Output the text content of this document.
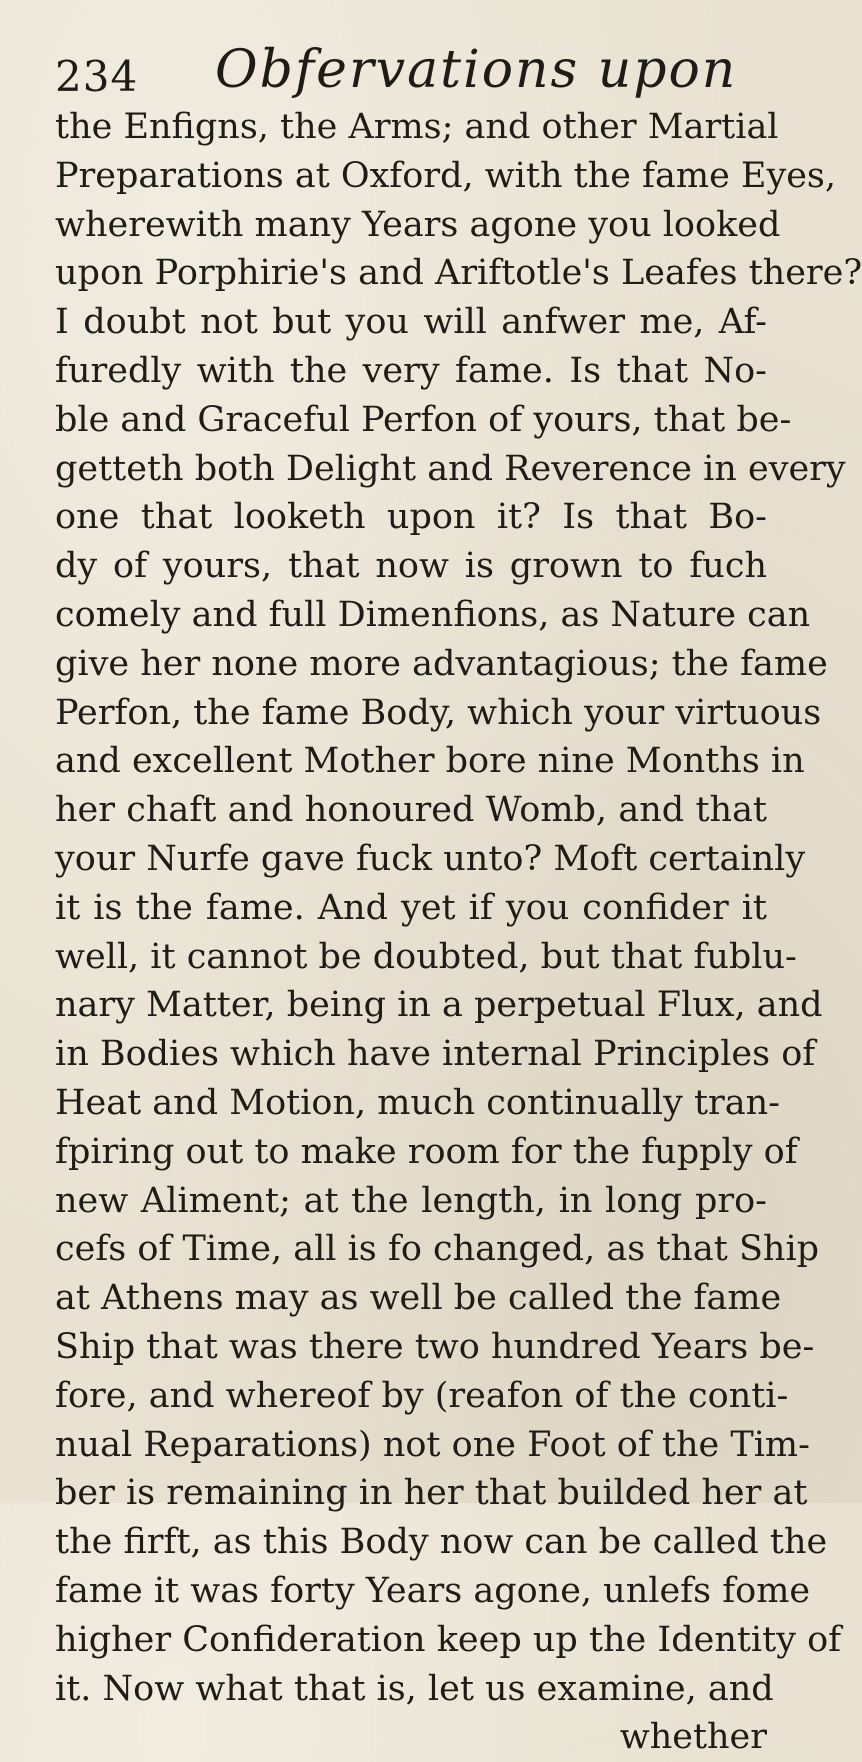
234 Obfervations upon
the Enfigns, the Arms; and other Martial
Preparations at Oxford, with the fame Eyes,
wherewith many Years agone you looked
upon Porphirie's and Ariftotle's Leafes there?
I doubt not but you will anfwer me, Af-
furedly with the very fame. Is that No-
ble and Graceful Perfon of yours, that be-
getteth both Delight and Reverence in every
one that looketh upon it? Is that Bo-
dy of yours, that now is grown to fuch
comely and full Dimenfions, as Nature can
give her none more advantagious; the fame
Perfon, the fame Body, which your virtuous
and excellent Mother bore nine Months in
her chaft and honoured Womb, and that
your Nurfe gave fuck unto? Moft certainly
it is the fame. And yet if you confider it
well, it cannot be doubted, but that fublu-
nary Matter, being in a perpetual Flux, and
in Bodies which have internal Principles of
Heat and Motion, much continually tran-
fpiring out to make room for the fupply of
new Aliment; at the length, in long pro-
cefs of Time, all is fo changed, as that Ship
at Athens may as well be called the fame
Ship that was there two hundred Years be-
fore, and whereof by (reafon of the conti-
nual Reparations) not one Foot of the Tim-
ber is remaining in her that builded her at
the firft, as this Body now can be called the
fame it was forty Years agone, unlefs fome
higher Confideration keep up the Identity of
it. Now what that is, let us examine, and
whether
